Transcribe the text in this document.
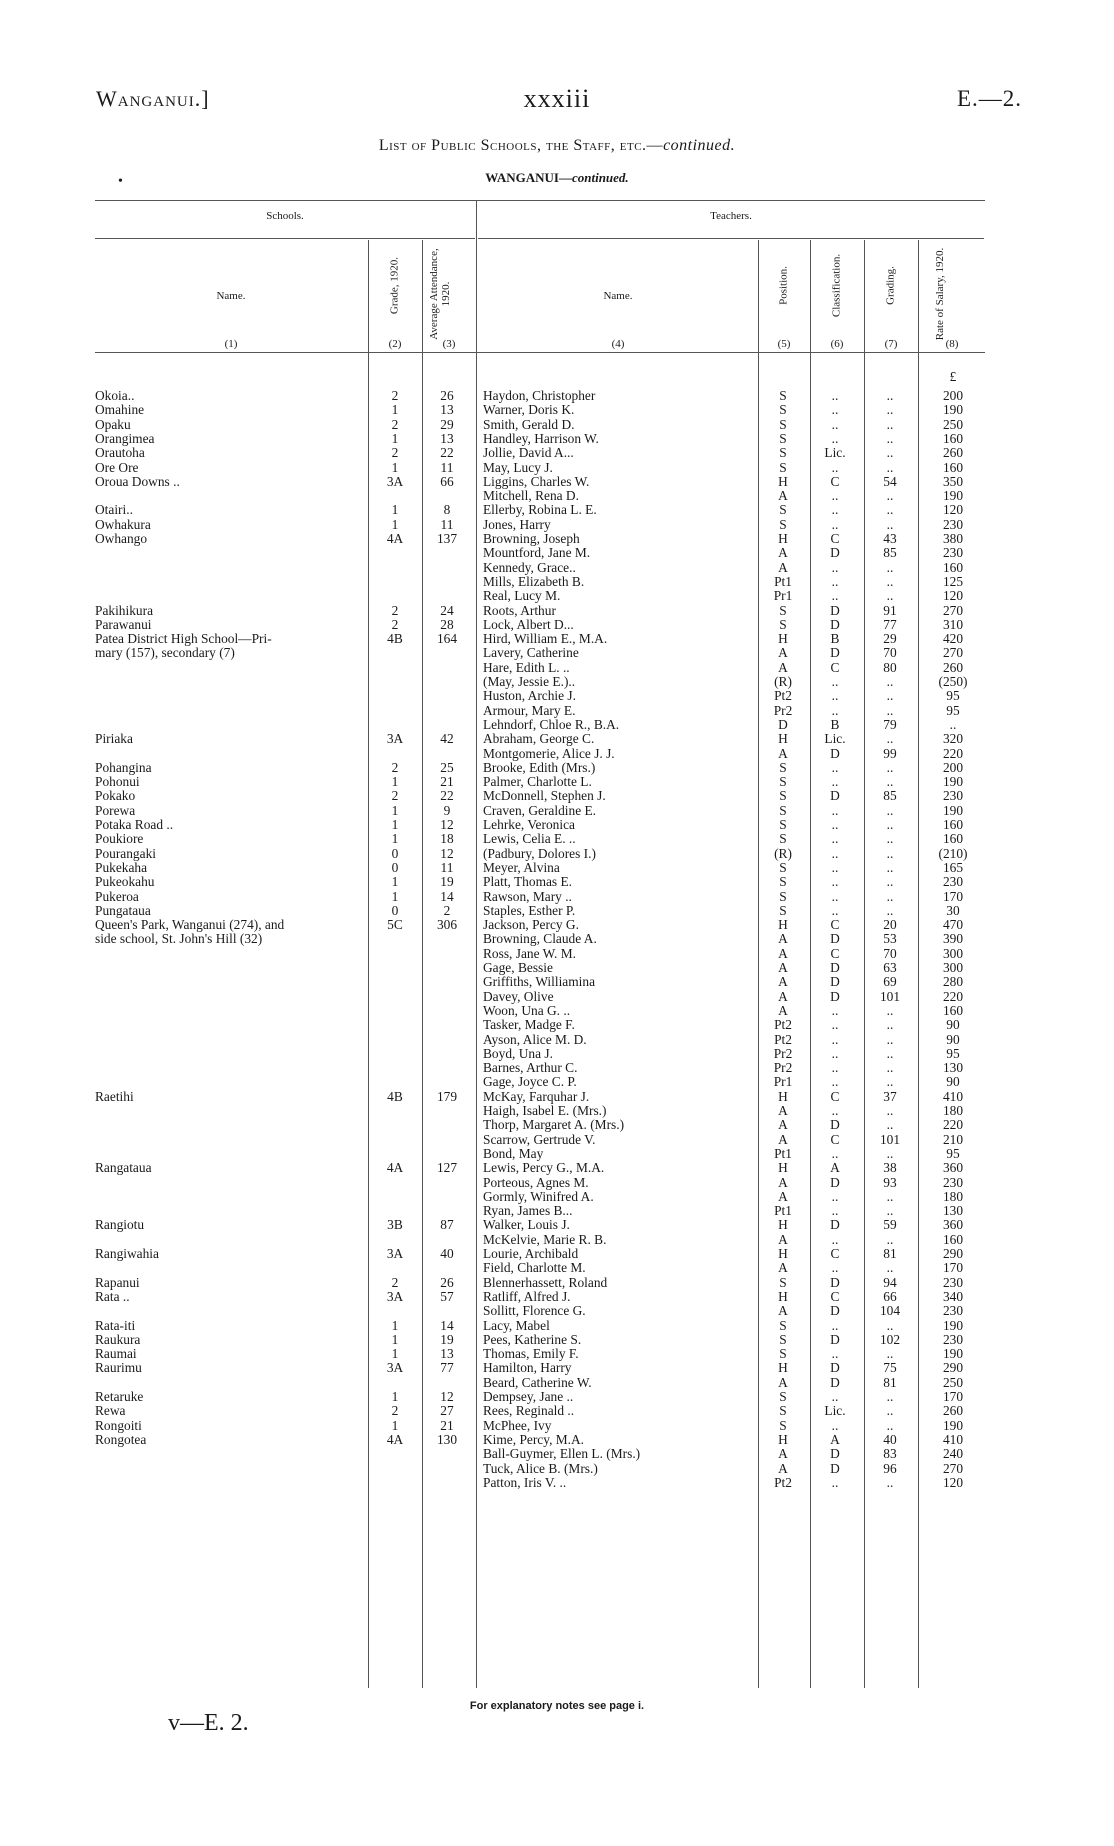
Wanganui.]	xxxiii	E.—2.
List of Public Schools, the Staff, etc.—continued.
WANGANUI—continued.
•
Schools.	Teachers.
Name.	Grade, 1920.	Average Attendance, 1920.	Name.	Position.	Classification.	Grading.	Rate of Salary, 1920.
(1)	(2)	(3)	(4)	(5)	(6)	(7)	(8)
£
Okoia..	2	26	Haydon, Christopher	S	..	..	200
Omahine	1	13	Warner, Doris K.	S	..	..	190
Opaku	2	29	Smith, Gerald D.	S	..	..	250
Orangimea	1	13	Handley, Harrison W.	S	..	..	160
Orautoha	2	22	Jollie, David A...	S	Lic.	..	260
Ore Ore	1	11	May, Lucy J.	S	..	..	160
Oroua Downs ..	3A	66	Liggins, Charles W.	H	C	54	350
Mitchell, Rena D.	A	..	..	190
Otairi..	1	8	Ellerby, Robina L. E.	S	..	..	120
Owhakura	1	11	Jones, Harry	S	..	..	230
Owhango	4A	137	Browning, Joseph	H	C	43	380
Mountford, Jane M.	A	D	85	230
Kennedy, Grace..	A	..	..	160
Mills, Elizabeth B.	Pt1	..	..	125
Real, Lucy M.	Pr1	..	..	120
Pakihikura	2	24	Roots, Arthur	S	D	91	270
Parawanui	2	28	Lock, Albert D...	S	D	77	310
Patea District High School—Pri-	4B	164	Hird, William E., M.A.	H	B	29	420
mary (157), secondary (7)	Lavery, Catherine	A	D	70	270
Hare, Edith L. ..	A	C	80	260
(May, Jessie E.)..	(R)	..	..	(250)
Huston, Archie J.	Pt2	..	..	95
Armour, Mary E.	Pr2	..	..	95
Lehndorf, Chloe R., B.A.	D	B	79	..
Piriaka	3A	42	Abraham, George C.	H	Lic.	..	320
Montgomerie, Alice J. J.	A	D	99	220
Pohangina	2	25	Brooke, Edith (Mrs.)	S	..	..	200
Pohonui	1	21	Palmer, Charlotte L.	S	..	..	190
Pokako	2	22	McDonnell, Stephen J.	S	D	85	230
Porewa	1	9	Craven, Geraldine E.	S	..	..	190
Potaka Road ..	1	12	Lehrke, Veronica	S	..	..	160
Poukiore	1	18	Lewis, Celia E. ..	S	..	..	160
Pourangaki	0	12	(Padbury, Dolores I.)	(R)	..	..	(210)
Pukekaha	0	11	Meyer, Alvina	S	..	..	165
Pukeokahu	1	19	Platt, Thomas E.	S	..	..	230
Pukeroa	1	14	Rawson, Mary ..	S	..	..	170
Pungataua	0	2	Staples, Esther P.	S	..	..	30
Queen's Park, Wanganui (274), and	5C	306	Jackson, Percy G.	H	C	20	470
side school, St. John's Hill (32)	Browning, Claude A.	A	D	53	390
Ross, Jane W. M.	A	C	70	300
Gage, Bessie	A	D	63	300
Griffiths, Williamina	A	D	69	280
Davey, Olive	A	D	101	220
Woon, Una G. ..	A	..	..	160
Tasker, Madge F.	Pt2	..	..	90
Ayson, Alice M. D.	Pt2	..	..	90
Boyd, Una J.	Pr2	..	..	95
Barnes, Arthur C.	Pr2	..	..	130
Gage, Joyce C. P.	Pr1	..	..	90
Raetihi	4B	179	McKay, Farquhar J.	H	C	37	410
Haigh, Isabel E. (Mrs.)	A	..	..	180
Thorp, Margaret A. (Mrs.)	A	D	..	220
Scarrow, Gertrude V.	A	C	101	210
Bond, May	Pt1	..	..	95
Rangataua	4A	127	Lewis, Percy G., M.A.	H	A	38	360
Porteous, Agnes M.	A	D	93	230
Gormly, Winifred A.	A	..	..	180
Ryan, James B...	Pt1	..	..	130
Rangiotu	3B	87	Walker, Louis J.	H	D	59	360
McKelvie, Marie R. B.	A	..	..	160
Rangiwahia	3A	40	Lourie, Archibald	H	C	81	290
Field, Charlotte M.	A	..	..	170
Rapanui	2	26	Blennerhassett, Roland	S	D	94	230
Rata ..	3A	57	Ratliff, Alfred J.	H	C	66	340
Sollitt, Florence G.	A	D	104	230
Rata-iti	1	14	Lacy, Mabel	S	..	..	190
Raukura	1	19	Pees, Katherine S.	S	D	102	230
Raumai	1	13	Thomas, Emily F.	S	..	..	190
Raurimu	3A	77	Hamilton, Harry	H	D	75	290
Beard, Catherine W.	A	D	81	250
Retaruke	1	12	Dempsey, Jane ..	S	..	..	170
Rewa	2	27	Rees, Reginald ..	S	Lic.	..	260
Rongoiti	1	21	McPhee, Ivy	S	..	..	190
Rongotea	4A	130	Kime, Percy, M.A.	H	A	40	410
Ball-Guymer, Ellen L. (Mrs.)	A	D	83	240
Tuck, Alice B. (Mrs.)	A	D	96	270
Patton, Iris V. ..	Pt2	..	..	120
For explanatory notes see page i.
v—E. 2.
